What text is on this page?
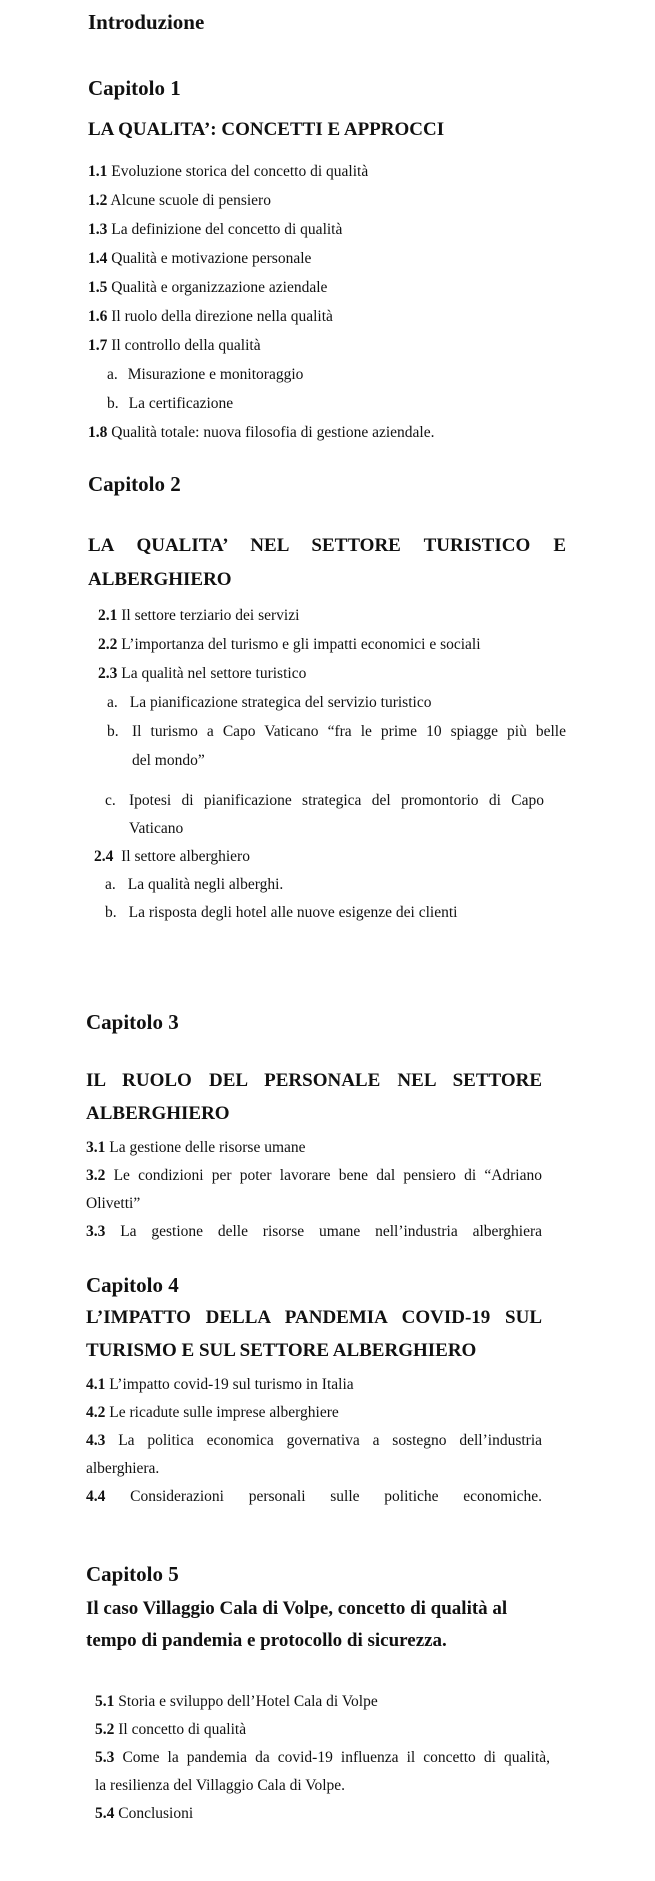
Introduzione
Capitolo 1
LA QUALITA’: CONCETTI E APPROCCI
1.1 Evoluzione storica del concetto di qualità
1.2 Alcune scuole di pensiero
1.3 La definizione del concetto di qualità
1.4 Qualità e motivazione personale
1.5 Qualità e organizzazione aziendale
1.6 Il ruolo della direzione nella qualità
1.7 Il controllo della qualità
a. Misurazione e monitoraggio
b. La certificazione
1.8 Qualità totale: nuova filosofia di gestione aziendale.
Capitolo 2
LA QUALITA’ NEL SETTORE TURISTICO E
ALBERGHIERO
2.1 Il settore terziario dei servizi
2.2 L’importanza del turismo e gli impatti economici e sociali
2.3 La qualità nel settore turistico
a. La pianificazione strategica del servizio turistico
b. Il turismo a Capo Vaticano “fra le prime 10 spiagge più belle
del mondo”
c. Ipotesi di pianificazione strategica del promontorio di Capo
Vaticano
2.4 Il settore alberghiero
a. La qualità negli alberghi.
b. La risposta degli hotel alle nuove esigenze dei clienti
Capitolo 3
IL RUOLO DEL PERSONALE NEL SETTORE
ALBERGHIERO
3.1 La gestione delle risorse umane
3.2 Le condizioni per poter lavorare bene dal pensiero di “Adriano
Olivetti”
3.3 La gestione delle risorse umane nell’industria alberghiera
Capitolo 4
L’IMPATTO DELLA PANDEMIA COVID-19 SUL
TURISMO E SUL SETTORE ALBERGHIERO
4.1 L’impatto covid-19 sul turismo in Italia
4.2 Le ricadute sulle imprese alberghiere
4.3 La politica economica governativa a sostegno dell’industria
alberghiera.
4.4 Considerazioni personali sulle politiche economiche.
Capitolo 5
Il caso Villaggio Cala di Volpe, concetto di qualità al
tempo di pandemia e protocollo di sicurezza.
5.1 Storia e sviluppo dell’Hotel Cala di Volpe
5.2 Il concetto di qualità
5.3 Come la pandemia da covid-19 influenza il concetto di qualità,
la resilienza del Villaggio Cala di Volpe.
5.4 Conclusioni
